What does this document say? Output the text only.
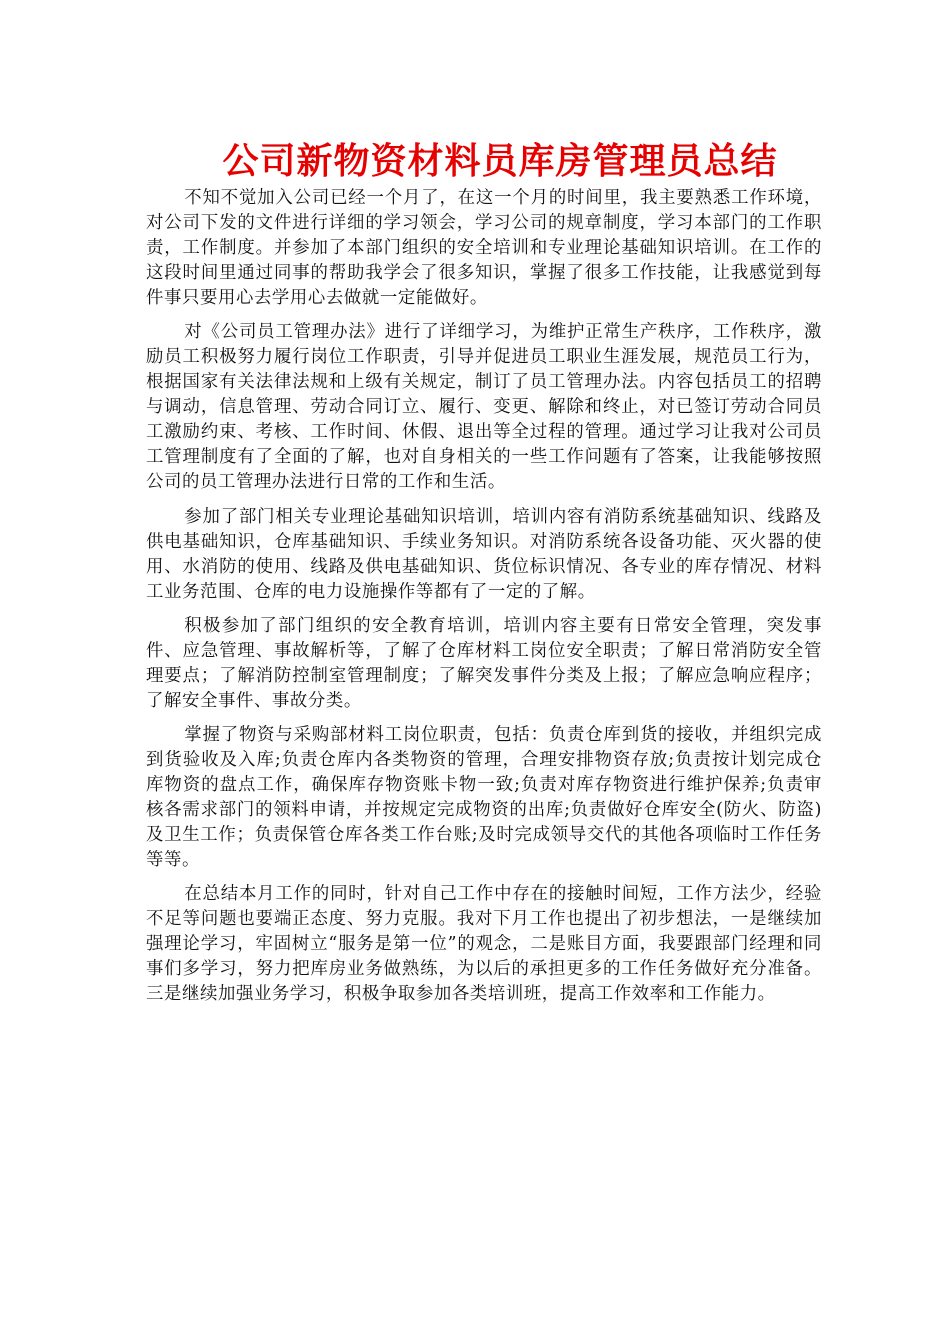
公司新物资材料员库房管理员总结

不知不觉加入公司已经一个月了，在这一个月的时间里，我主要熟悉工作环境，对公司下发的文件进行详细的学习领会，学习公司的规章制度，学习本部门的工作职责，工作制度。并参加了本部门组织的安全培训和专业理论基础知识培训。在工作的这段时间里通过同事的帮助我学会了很多知识，掌握了很多工作技能，让我感觉到每件事只要用心去学用心去做就一定能做好。

对《公司员工管理办法》进行了详细学习，为维护正常生产秩序，工作秩序，激励员工积极努力履行岗位工作职责，引导并促进员工职业生涯发展，规范员工行为，根据国家有关法律法规和上级有关规定，制订了员工管理办法。内容包括员工的招聘与调动，信息管理、劳动合同订立、履行、变更、解除和终止，对已签订劳动合同员工激励约束、考核、工作时间、休假、退出等全过程的管理。通过学习让我对公司员工管理制度有了全面的了解，也对自身相关的一些工作问题有了答案，让我能够按照公司的员工管理办法进行日常的工作和生活。

参加了部门相关专业理论基础知识培训，培训内容有消防系统基础知识、线路及供电基础知识，仓库基础知识、手续业务知识。对消防系统各设备功能、灭火器的使用、水消防的使用、线路及供电基础知识、货位标识情况、各专业的库存情况、材料工业务范围、仓库的电力设施操作等都有了一定的了解。

积极参加了部门组织的安全教育培训，培训内容主要有日常安全管理，突发事件、应急管理、事故解析等，了解了仓库材料工岗位安全职责；了解日常消防安全管理要点；了解消防控制室管理制度；了解突发事件分类及上报；了解应急响应程序；了解安全事件、事故分类。

掌握了物资与采购部材料工岗位职责，包括：负责仓库到货的接收，并组织完成到货验收及入库;负责仓库内各类物资的管理，合理安排物资存放;负责按计划完成仓库物资的盘点工作，确保库存物资账卡物一致;负责对库存物资进行维护保养;负责审核各需求部门的领料申请，并按规定完成物资的出库;负责做好仓库安全(防火、防盗)及卫生工作；负责保管仓库各类工作台账;及时完成领导交代的其他各项临时工作任务等等。

在总结本月工作的同时，针对自己工作中存在的接触时间短，工作方法少，经验不足等问题也要端正态度、努力克服。我对下月工作也提出了初步想法，一是继续加强理论学习，牢固树立“服务是第一位”的观念，二是账目方面，我要跟部门经理和同事们多学习，努力把库房业务做熟练，为以后的承担更多的工作任务做好充分准备。三是继续加强业务学习，积极争取参加各类培训班，提高工作效率和工作能力。
